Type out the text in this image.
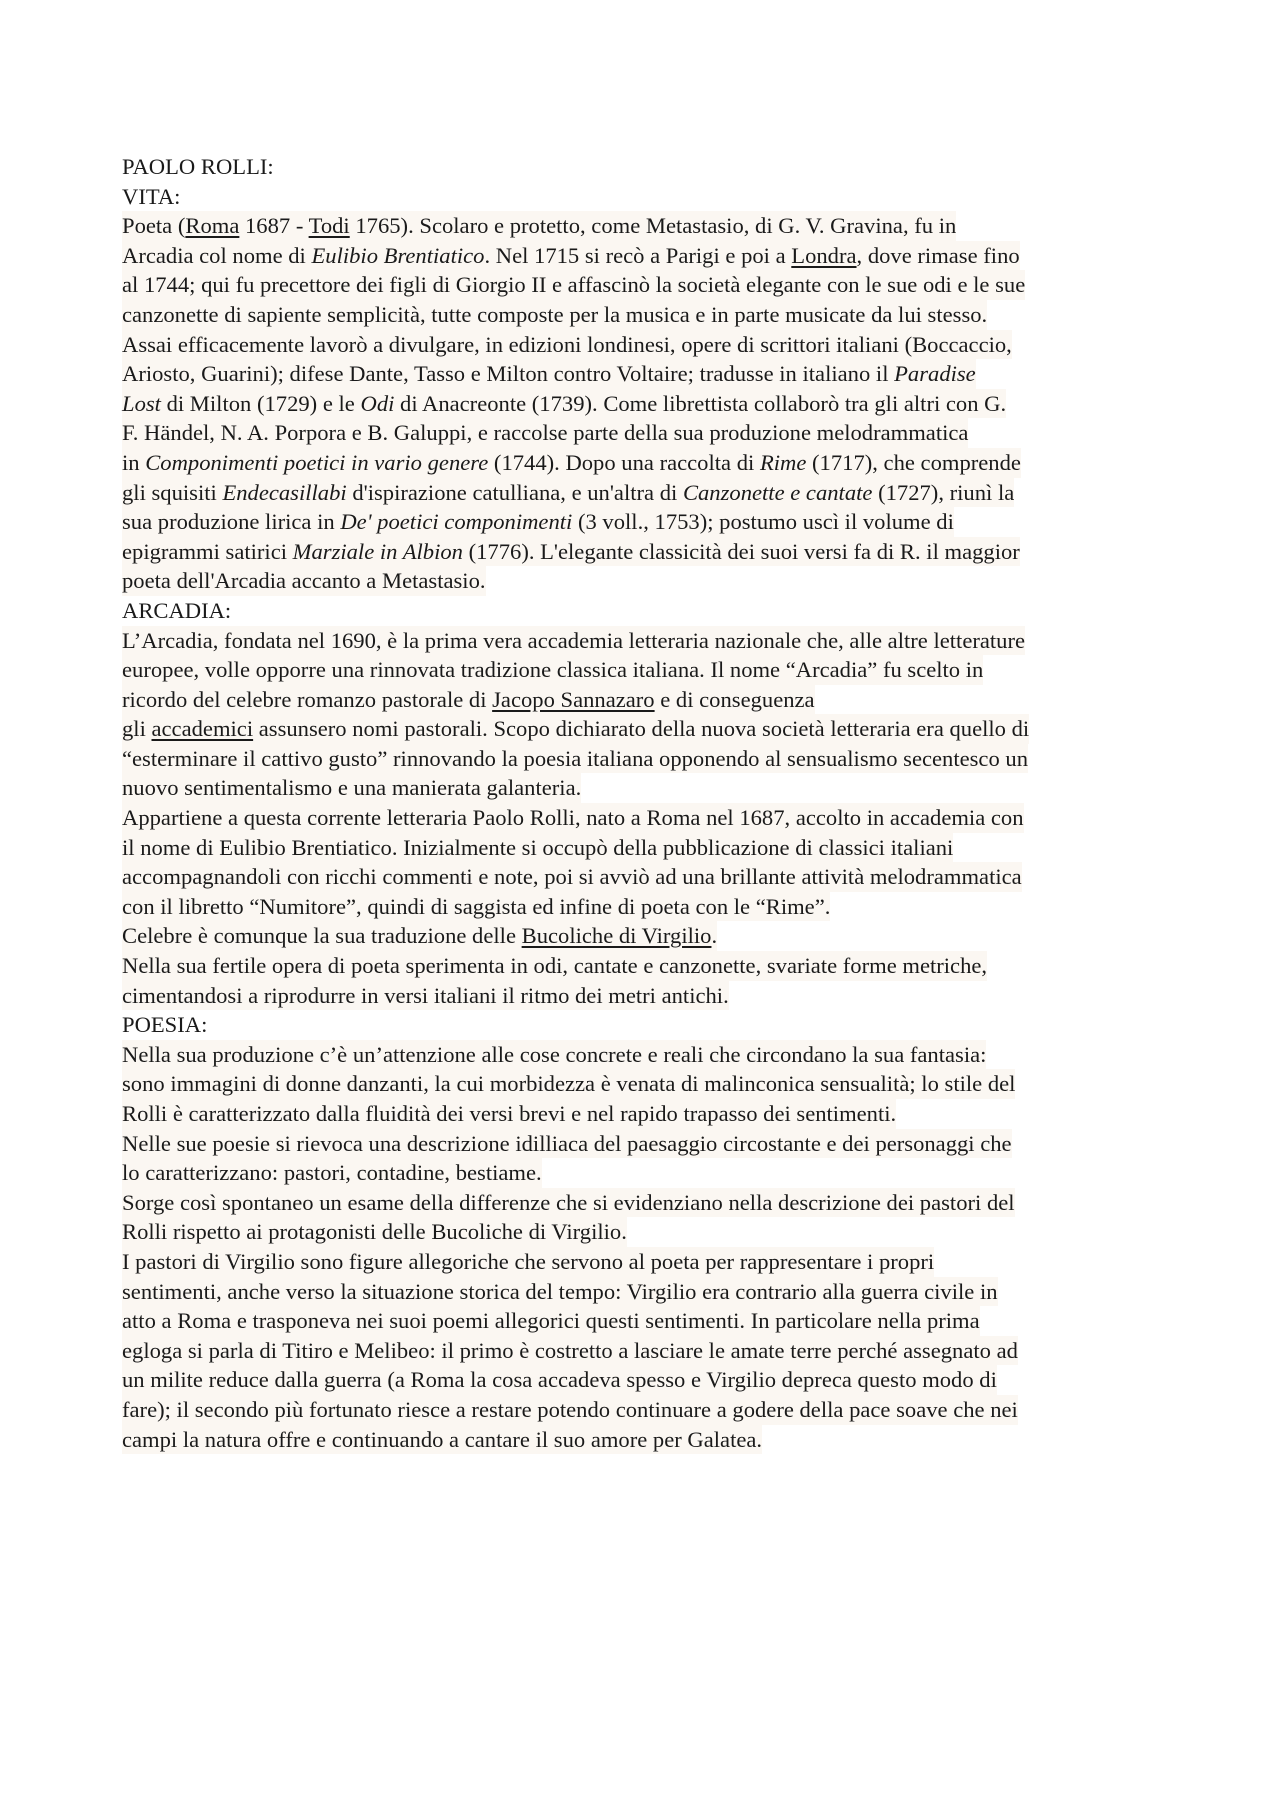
PAOLO ROLLI:
VITA:
Poeta (Roma 1687 - Todi 1765). Scolaro e protetto, come Metastasio, di G. V. Gravina, fu in
Arcadia col nome di Eulibio Brentiatico. Nel 1715 si recò a Parigi e poi a Londra, dove rimase fino
al 1744; qui fu precettore dei figli di Giorgio II e affascinò la società elegante con le sue odi e le sue
canzonette di sapiente semplicità, tutte composte per la musica e in parte musicate da lui stesso.
Assai efficacemente lavorò a divulgare, in edizioni londinesi, opere di scrittori italiani (Boccaccio,
Ariosto, Guarini); difese Dante, Tasso e Milton contro Voltaire; tradusse in italiano il Paradise
Lost di Milton (1729) e le Odi di Anacreonte (1739). Come librettista collaborò tra gli altri con G.
F. Händel, N. A. Porpora e B. Galuppi, e raccolse parte della sua produzione melodrammatica
in Componimenti poetici in vario genere (1744). Dopo una raccolta di Rime (1717), che comprende
gli squisiti Endecasillabi d'ispirazione catulliana, e un'altra di Canzonette e cantate (1727), riunì la
sua produzione lirica in De' poetici componimenti (3 voll., 1753); postumo uscì il volume di
epigrammi satirici Marziale in Albion (1776). L'elegante classicità dei suoi versi fa di R. il maggior
poeta dell'Arcadia accanto a Metastasio.
ARCADIA:
L’Arcadia, fondata nel 1690, è la prima vera accademia letteraria nazionale che, alle altre letterature
europee, volle opporre una rinnovata tradizione classica italiana. Il nome “Arcadia” fu scelto in
ricordo del celebre romanzo pastorale di Jacopo Sannazaro e di conseguenza
gli accademici assunsero nomi pastorali. Scopo dichiarato della nuova società letteraria era quello di
“esterminare il cattivo gusto” rinnovando la poesia italiana opponendo al sensualismo secentesco un
nuovo sentimentalismo e una manierata galanteria.
Appartiene a questa corrente letteraria Paolo Rolli, nato a Roma nel 1687, accolto in accademia con
il nome di Eulibio Brentiatico. Inizialmente si occupò della pubblicazione di classici italiani
accompagnandoli con ricchi commenti e note, poi si avviò ad una brillante attività melodrammatica
con il libretto “Numitore”, quindi di saggista ed infine di poeta con le “Rime”.
Celebre è comunque la sua traduzione delle Bucoliche di Virgilio.
Nella sua fertile opera di poeta sperimenta in odi, cantate e canzonette, svariate forme metriche,
cimentandosi a riprodurre in versi italiani il ritmo dei metri antichi.
POESIA:
Nella sua produzione c’è un’attenzione alle cose concrete e reali che circondano la sua fantasia:
sono immagini di donne danzanti, la cui morbidezza è venata di malinconica sensualità; lo stile del
Rolli è caratterizzato dalla fluidità dei versi brevi e nel rapido trapasso dei sentimenti.
Nelle sue poesie si rievoca una descrizione idilliaca del paesaggio circostante e dei personaggi che
lo caratterizzano: pastori, contadine, bestiame.
Sorge così spontaneo un esame della differenze che si evidenziano nella descrizione dei pastori del
Rolli rispetto ai protagonisti delle Bucoliche di Virgilio.
I pastori di Virgilio sono figure allegoriche che servono al poeta per rappresentare i propri
sentimenti, anche verso la situazione storica del tempo: Virgilio era contrario alla guerra civile in
atto a Roma e trasponeva nei suoi poemi allegorici questi sentimenti. In particolare nella prima
egloga si parla di Titiro e Melibeo: il primo è costretto a lasciare le amate terre perché assegnato ad
un milite reduce dalla guerra (a Roma la cosa accadeva spesso e Virgilio depreca questo modo di
fare); il secondo più fortunato riesce a restare potendo continuare a godere della pace soave che nei
campi la natura offre e continuando a cantare il suo amore per Galatea.
